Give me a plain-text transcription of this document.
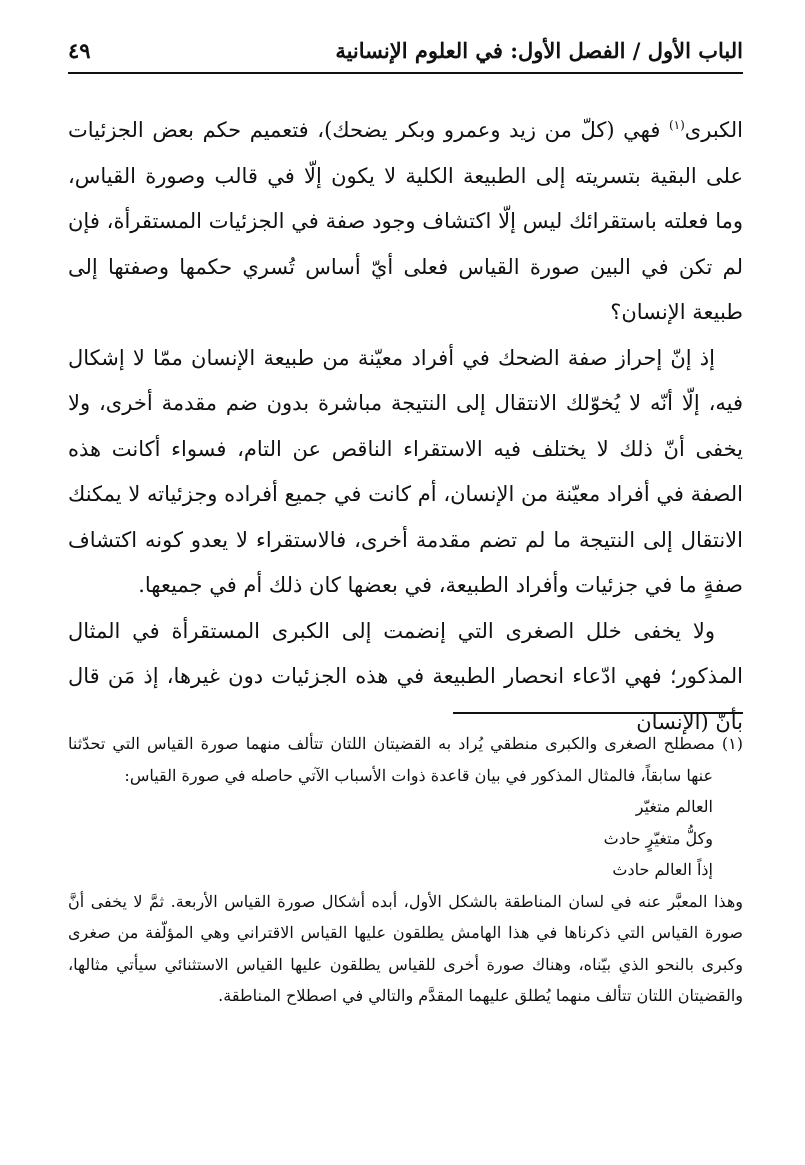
الباب الأول / الفصل الأول: في العلوم الإنسانية
٤٩

الكبرى$^{(١)}$ فهي (كلّ من زيد وعمرو وبكر يضحك)، فتعميم حكم بعض الجزئيات على البقية بتسريته إلى الطبيعة الكلية لا يكون إلّا في قالب وصورة القياس، وما فعلته باستقرائك ليس إلّا اكتشاف وجود صفة في الجزئيات المستقرأة، فإن لم تكن في البين صورة القياس فعلى أيّ أساس تُسري حكمها وصفتها إلى طبيعة الإنسان؟

إذ إنّ إحراز صفة الضحك في أفراد معيّنة من طبيعة الإنسان ممّا لا إشكال فيه، إلّا أنّه لا يُخوّلك الانتقال إلى النتيجة مباشرة بدون ضم مقدمة أخرى، ولا يخفى أنّ ذلك لا يختلف فيه الاستقراء الناقص عن التام، فسواء أكانت هذه الصفة في أفراد معيّنة من الإنسان، أم كانت في جميع أفراده وجزئياته لا يمكنك الانتقال إلى النتيجة ما لم تضم مقدمة أخرى، فالاستقراء لا يعدو كونه اكتشاف صفةٍ ما في جزئيات وأفراد الطبيعة، في بعضها كان ذلك أم في جميعها.

ولا يخفى خلل الصغرى التي إنضمت إلى الكبرى المستقرأة في المثال المذكور؛ فهي ادّعاء انحصار الطبيعة في هذه الجزئيات دون غيرها، إذ مَن قال بأنّ (الإنسان

(١) مصطلح الصغرى والكبرى منطقي يُراد به القضيتان اللتان تتألف منهما صورة القياس التي تحدّثنا عنها سابقاً، فالمثال المذكور في بيان قاعدة ذوات الأسباب الآتي حاصله في صورة القياس:

العالم متغيّر

وكلُّ متغيّرٍ حادث

إذاً العالم حادث

وهذا المعبَّر عنه في لسان المناطقة بالشكل الأول، أبده أشكال صورة القياس الأربعة. ثمَّ لا يخفى أنَّ صورة القياس التي ذكرناها في هذا الهامش يطلقون عليها القياس الاقتراني وهي المؤلّفة من صغرى وكبرى بالنحو الذي بيّناه، وهناك صورة أخرى للقياس يطلقون عليها القياس الاستثنائي سيأتي مثالها، والقضيتان اللتان تتألف منهما يُطلق عليهما المقدَّم والتالي في اصطلاح المناطقة.
